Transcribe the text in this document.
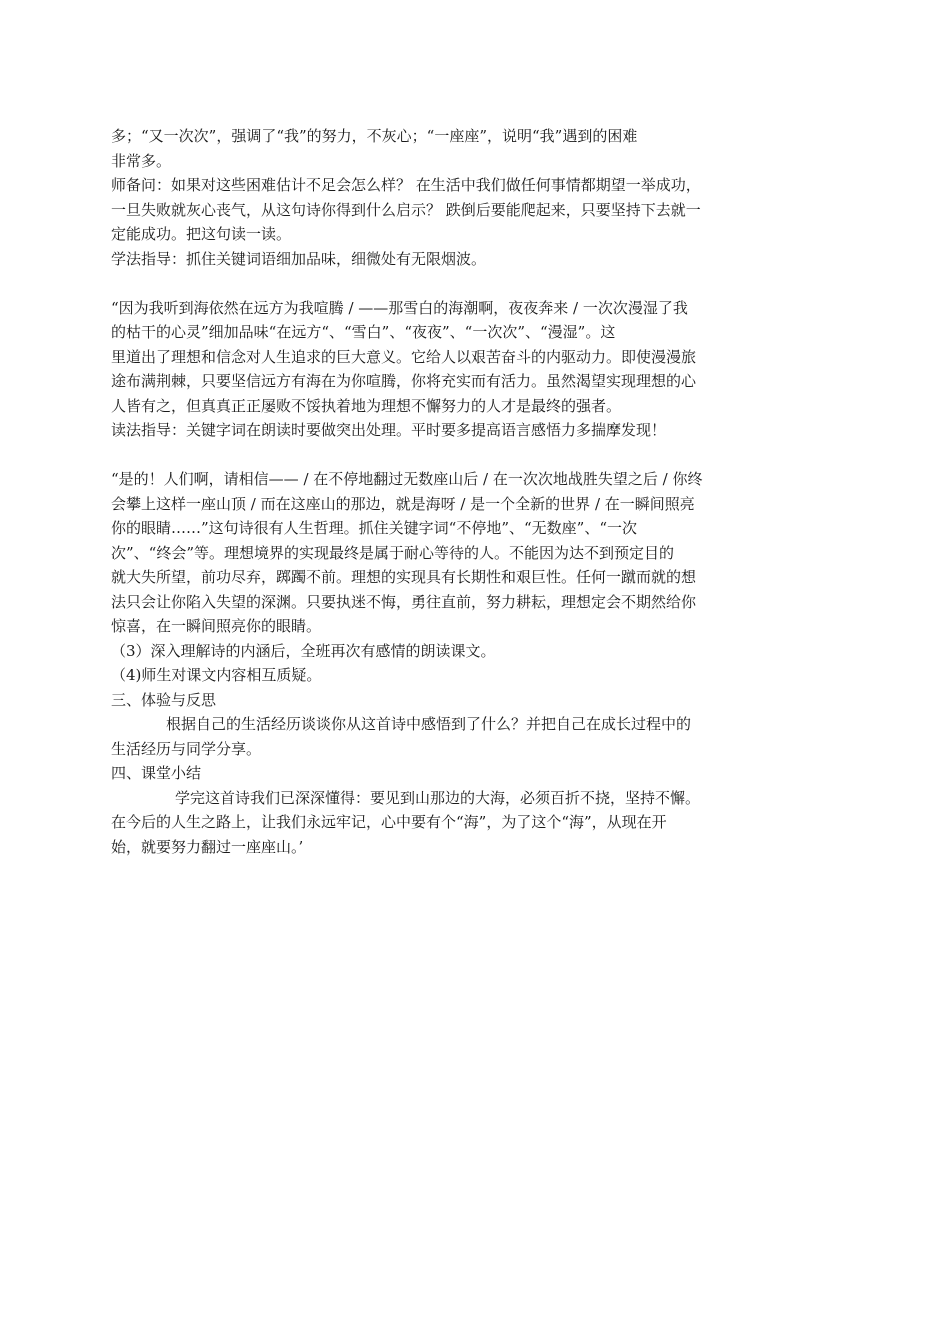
多；“又一次次”，强调了“我”的努力，不灰心；“一座座”，说明“我”遇到的困难
非常多。
师备问：如果对这些困难估计不足会怎么样？ 在生活中我们做任何事情都期望一举成功，
一旦失败就灰心丧气，从这句诗你得到什么启示？ 跌倒后要能爬起来，只要坚持下去就一
定能成功。把这句读一读。
学法指导：抓住关键词语细加品味，细微处有无限烟波。
“因为我听到海依然在远方为我喧腾 / ——那雪白的海潮啊，夜夜奔来 / 一次次漫湿了我
的枯干的心灵”细加品味“在远方“、“雪白”、“夜夜”、“一次次”、“漫湿”。这
里道出了理想和信念对人生追求的巨大意义。它给人以艰苦奋斗的内驱动力。即使漫漫旅
途布满荆棘，只要坚信远方有海在为你喧腾，你将充实而有活力。虽然渴望实现理想的心
人皆有之，但真真正正屡败不馁执着地为理想不懈努力的人才是最终的强者。
读法指导：关键字词在朗读时要做突出处理。平时要多提高语言感悟力多揣摩发现！
“是的！人们啊，请相信—— / 在不停地翻过无数座山后 / 在一次次地战胜失望之后 / 你终
会攀上这样一座山顶 / 而在这座山的那边，就是海呀 / 是一个全新的世界 / 在一瞬间照亮
你的眼睛……”这句诗很有人生哲理。抓住关键字词“不停地”、“无数座”、“一次
次”、“终会”等。理想境界的实现最终是属于耐心等待的人。不能因为达不到预定目的
就大失所望，前功尽弃，踯躅不前。理想的实现具有长期性和艰巨性。任何一蹴而就的想
法只会让你陷入失望的深渊。只要执迷不悔，勇往直前，努力耕耘，理想定会不期然给你
惊喜，在一瞬间照亮你的眼睛。
（3）深入理解诗的内涵后，全班再次有感情的朗读课文。
（4)师生对课文内容相互质疑。
三、体验与反思
根据自己的生活经历谈谈你从这首诗中感悟到了什么？并把自己在成长过程中的
生活经历与同学分享。
四、课堂小结
学完这首诗我们已深深懂得：要见到山那边的大海，必须百折不挠，坚持不懈。
在今后的人生之路上，让我们永远牢记，心中要有个“海”，为了这个“海”，从现在开
始，就要努力翻过一座座山。’
